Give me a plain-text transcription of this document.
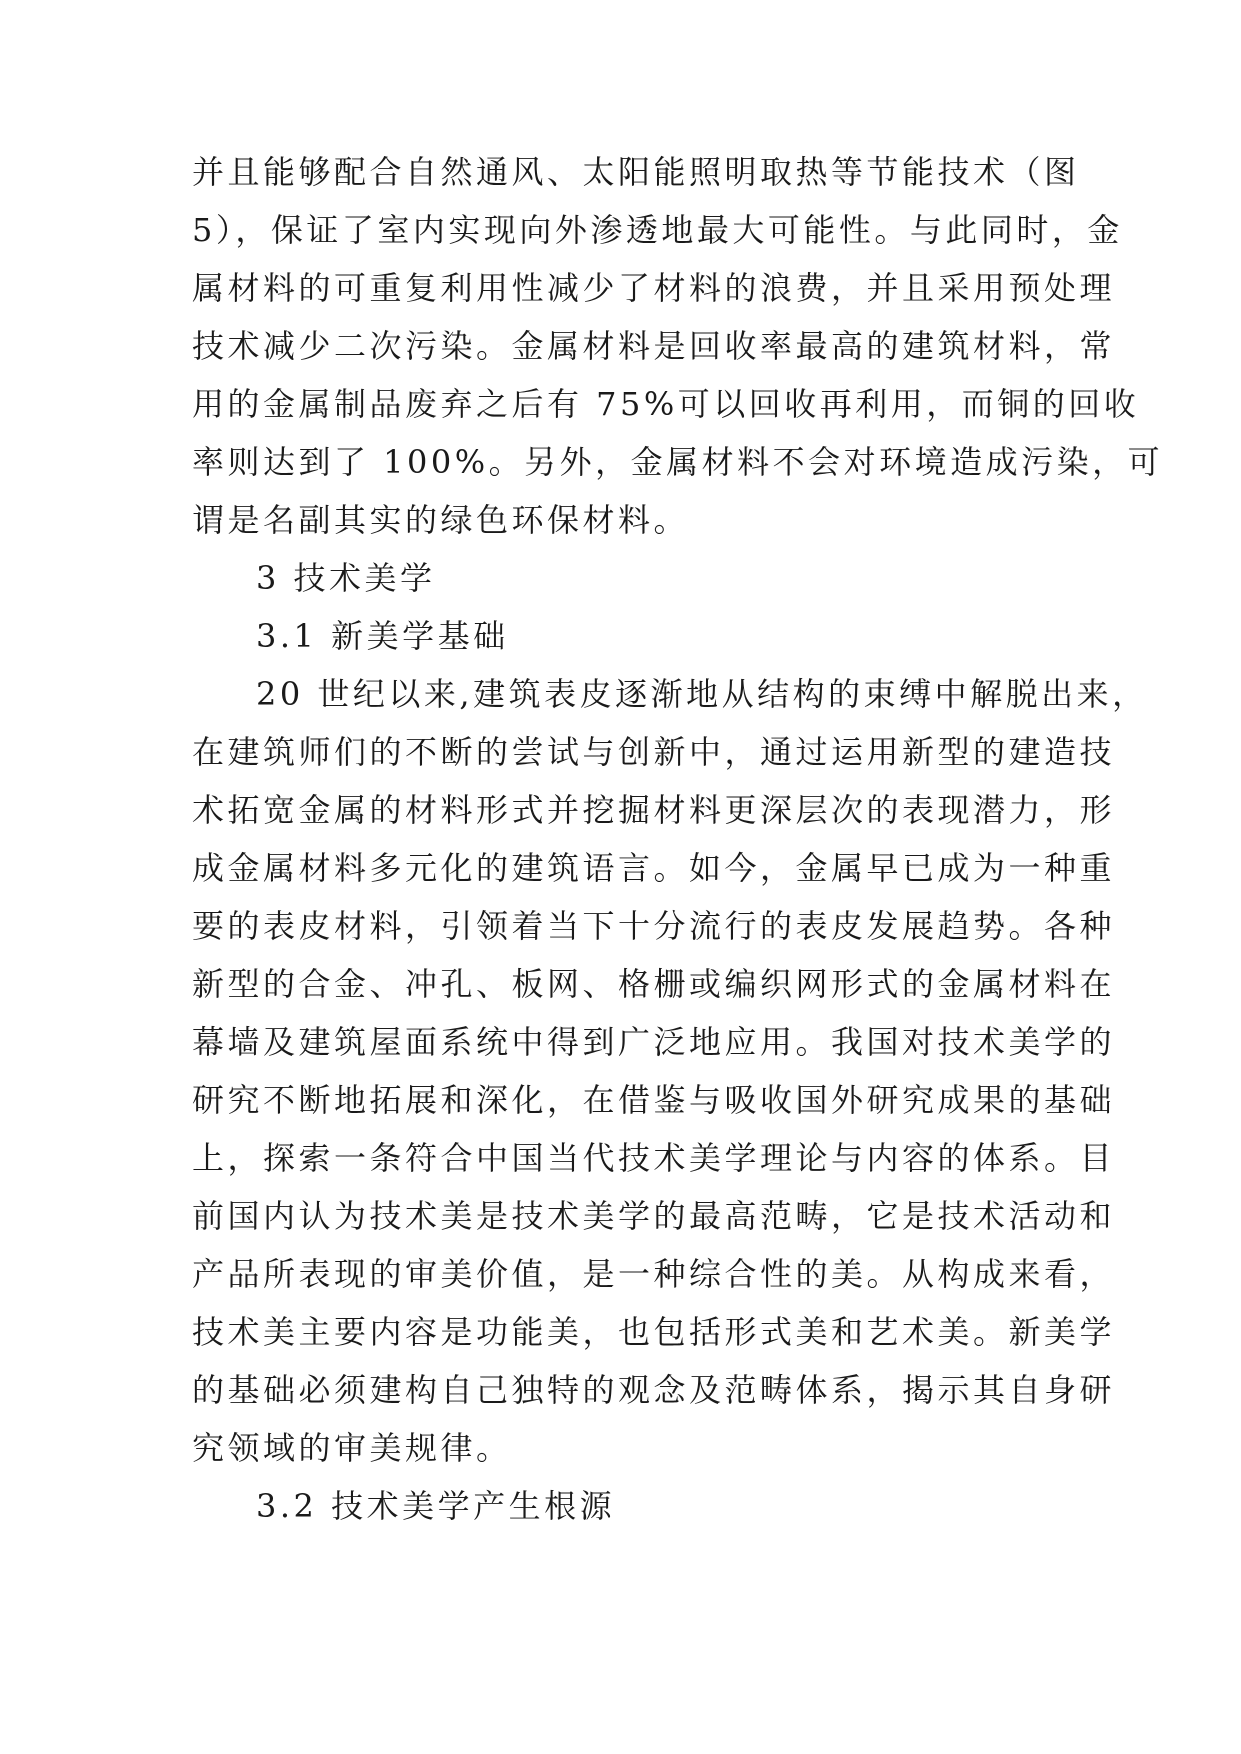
并且能够配合自然通风、太阳能照明取热等节能技术（图
5），保证了室内实现向外渗透地最大可能性。与此同时，金
属材料的可重复利用性减少了材料的浪费，并且采用预处理
技术减少二次污染。金属材料是回收率最高的建筑材料，常
用的金属制品废弃之后有 75%可以回收再利用，而铜的回收
率则达到了 100%。另外，金属材料不会对环境造成污染，可
谓是名副其实的绿色环保材料。
3 技术美学
3.1 新美学基础
20 世纪以来,建筑表皮逐渐地从结构的束缚中解脱出来，
在建筑师们的不断的尝试与创新中，通过运用新型的建造技
术拓宽金属的材料形式并挖掘材料更深层次的表现潜力，形
成金属材料多元化的建筑语言。如今，金属早已成为一种重
要的表皮材料，引领着当下十分流行的表皮发展趋势。各种
新型的合金、冲孔、板网、格栅或编织网形式的金属材料在
幕墙及建筑屋面系统中得到广泛地应用。我国对技术美学的
研究不断地拓展和深化，在借鉴与吸收国外研究成果的基础
上，探索一条符合中国当代技术美学理论与内容的体系。目
前国内认为技术美是技术美学的最高范畴，它是技术活动和
产品所表现的审美价值，是一种综合性的美。从构成来看，
技术美主要内容是功能美，也包括形式美和艺术美。新美学
的基础必须建构自己独特的观念及范畴体系，揭示其自身研
究领域的审美规律。
3.2 技术美学产生根源
